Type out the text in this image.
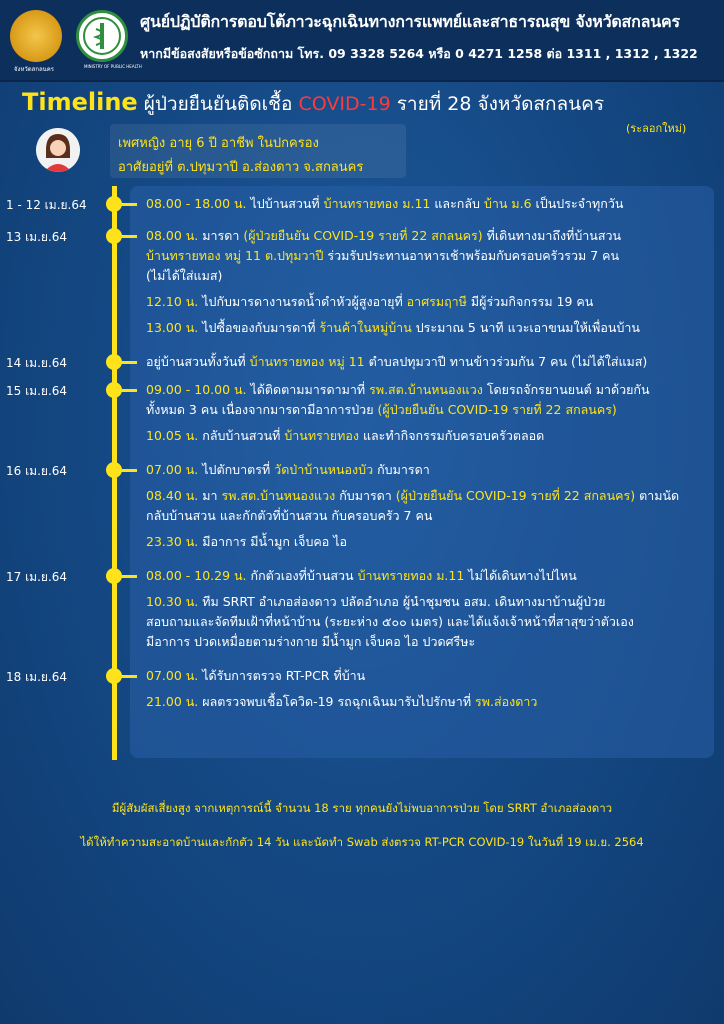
จังหวัดสกลนคร	MINISTRY OF PUBLIC HEALTH
ศูนย์ปฏิบัติการตอบโต้ภาวะฉุกเฉินทางการแพทย์และสาธารณสุข จังหวัดสกลนคร
หากมีข้อสงสัยหรือข้อซักถาม โทร. 09 3328 5264 หรือ 0 4271 1258 ต่อ 1311 , 1312 , 1322
Timeline ผู้ป่วยยืนยันติดเชื้อ COVID-19 รายที่ 28 จังหวัดสกลนคร
(ระลอกใหม่)
เพศหญิง อายุ 6 ปี อาชีพ ในปกครอง
อาศัยอยู่ที่ ต.ปทุมวาปี อ.ส่องดาว จ.สกลนคร
1 - 12 เม.ย.64	08.00 - 18.00 น. ไปบ้านสวนที่ บ้านทรายทอง ม.11 และกลับ บ้าน ม.6 เป็นประจำทุกวัน
13 เม.ย.64	08.00 น. มารดา (ผู้ป่วยยืนยัน COVID-19 รายที่ 22 สกลนคร) ที่เดินทางมาถึงที่บ้านสวน
บ้านทรายทอง หมู่ 11 ต.ปทุมวาปี ร่วมรับประทานอาหารเช้าพร้อมกับครอบครัวรวม 7 คน
(ไม่ได้ใส่แมส)
12.10 น. ไปกับมารดางานรดน้ำดำหัวผู้สูงอายุที่ อาศรมฤาษี มีผู้ร่วมกิจกรรม 19 คน
13.00 น. ไปซื้อของกับมารดาที่ ร้านค้าในหมู่บ้าน ประมาณ 5 นาที แวะเอาขนมให้เพื่อนบ้าน
14 เม.ย.64	อยู่บ้านสวนทั้งวันที่ บ้านทรายทอง หมู่ 11 ตำบลปทุมวาปี ทานข้าวร่วมกัน 7 คน (ไม่ได้ใส่แมส)
15 เม.ย.64	09.00 - 10.00 น. ได้ติดตามมารดามาที่ รพ.สต.บ้านหนองแวง โดยรถจักรยานยนต์ มาด้วยกัน
ทั้งหมด 3 คน เนื่องจากมารดามีอาการป่วย (ผู้ป่วยยืนยัน COVID-19 รายที่ 22 สกลนคร)
10.05 น. กลับบ้านสวนที่ บ้านทรายทอง และทำกิจกรรมกับครอบครัวตลอด
16 เม.ย.64	07.00 น. ไปตักบาตรที่ วัดป่าบ้านหนองบัว กับมารดา
08.40 น. มา รพ.สต.บ้านหนองแวง กับมารดา (ผู้ป่วยยืนยัน COVID-19 รายที่ 22 สกลนคร) ตามนัด
กลับบ้านสวน และกักตัวที่บ้านสวน กับครอบครัว 7 คน
23.30 น. มีอาการ มีน้ำมูก เจ็บคอ ไอ
17 เม.ย.64	08.00 - 10.29 น. กักตัวเองที่บ้านสวน บ้านทรายทอง ม.11 ไม่ได้เดินทางไปไหน
10.30 น. ทีม SRRT อำเภอส่องดาว ปลัดอำเภอ ผู้นำชุมชน อสม. เดินทางมาบ้านผู้ป่วย
สอบถามและจัดทีมเฝ้าที่หน้าบ้าน (ระยะห่าง ๕๐๐ เมตร) และได้แจ้งเจ้าหน้าที่สาสุขว่าตัวเอง
มีอาการ ปวดเหมื่อยตามร่างกาย มีน้ำมูก เจ็บคอ ไอ ปวดศรีษะ
18 เม.ย.64	07.00 น. ได้รับการตรวจ RT-PCR ที่บ้าน
21.00 น. ผลตรวจพบเชื้อโควิด-19 รถฉุกเฉินมารับไปรักษาที่ รพ.ส่องดาว
มีผู้สัมผัสเสี่ยงสูง จากเหตุการณ์นี้ จำนวน 18 ราย ทุกคนยังไม่พบอาการป่วย โดย SRRT อำเภอส่องดาว
ได้ให้ทำความสะอาดบ้านและกักตัว 14 วัน และนัดทำ Swab ส่งตรวจ RT-PCR COVID-19 ในวันที่ 19 เม.ย. 2564
